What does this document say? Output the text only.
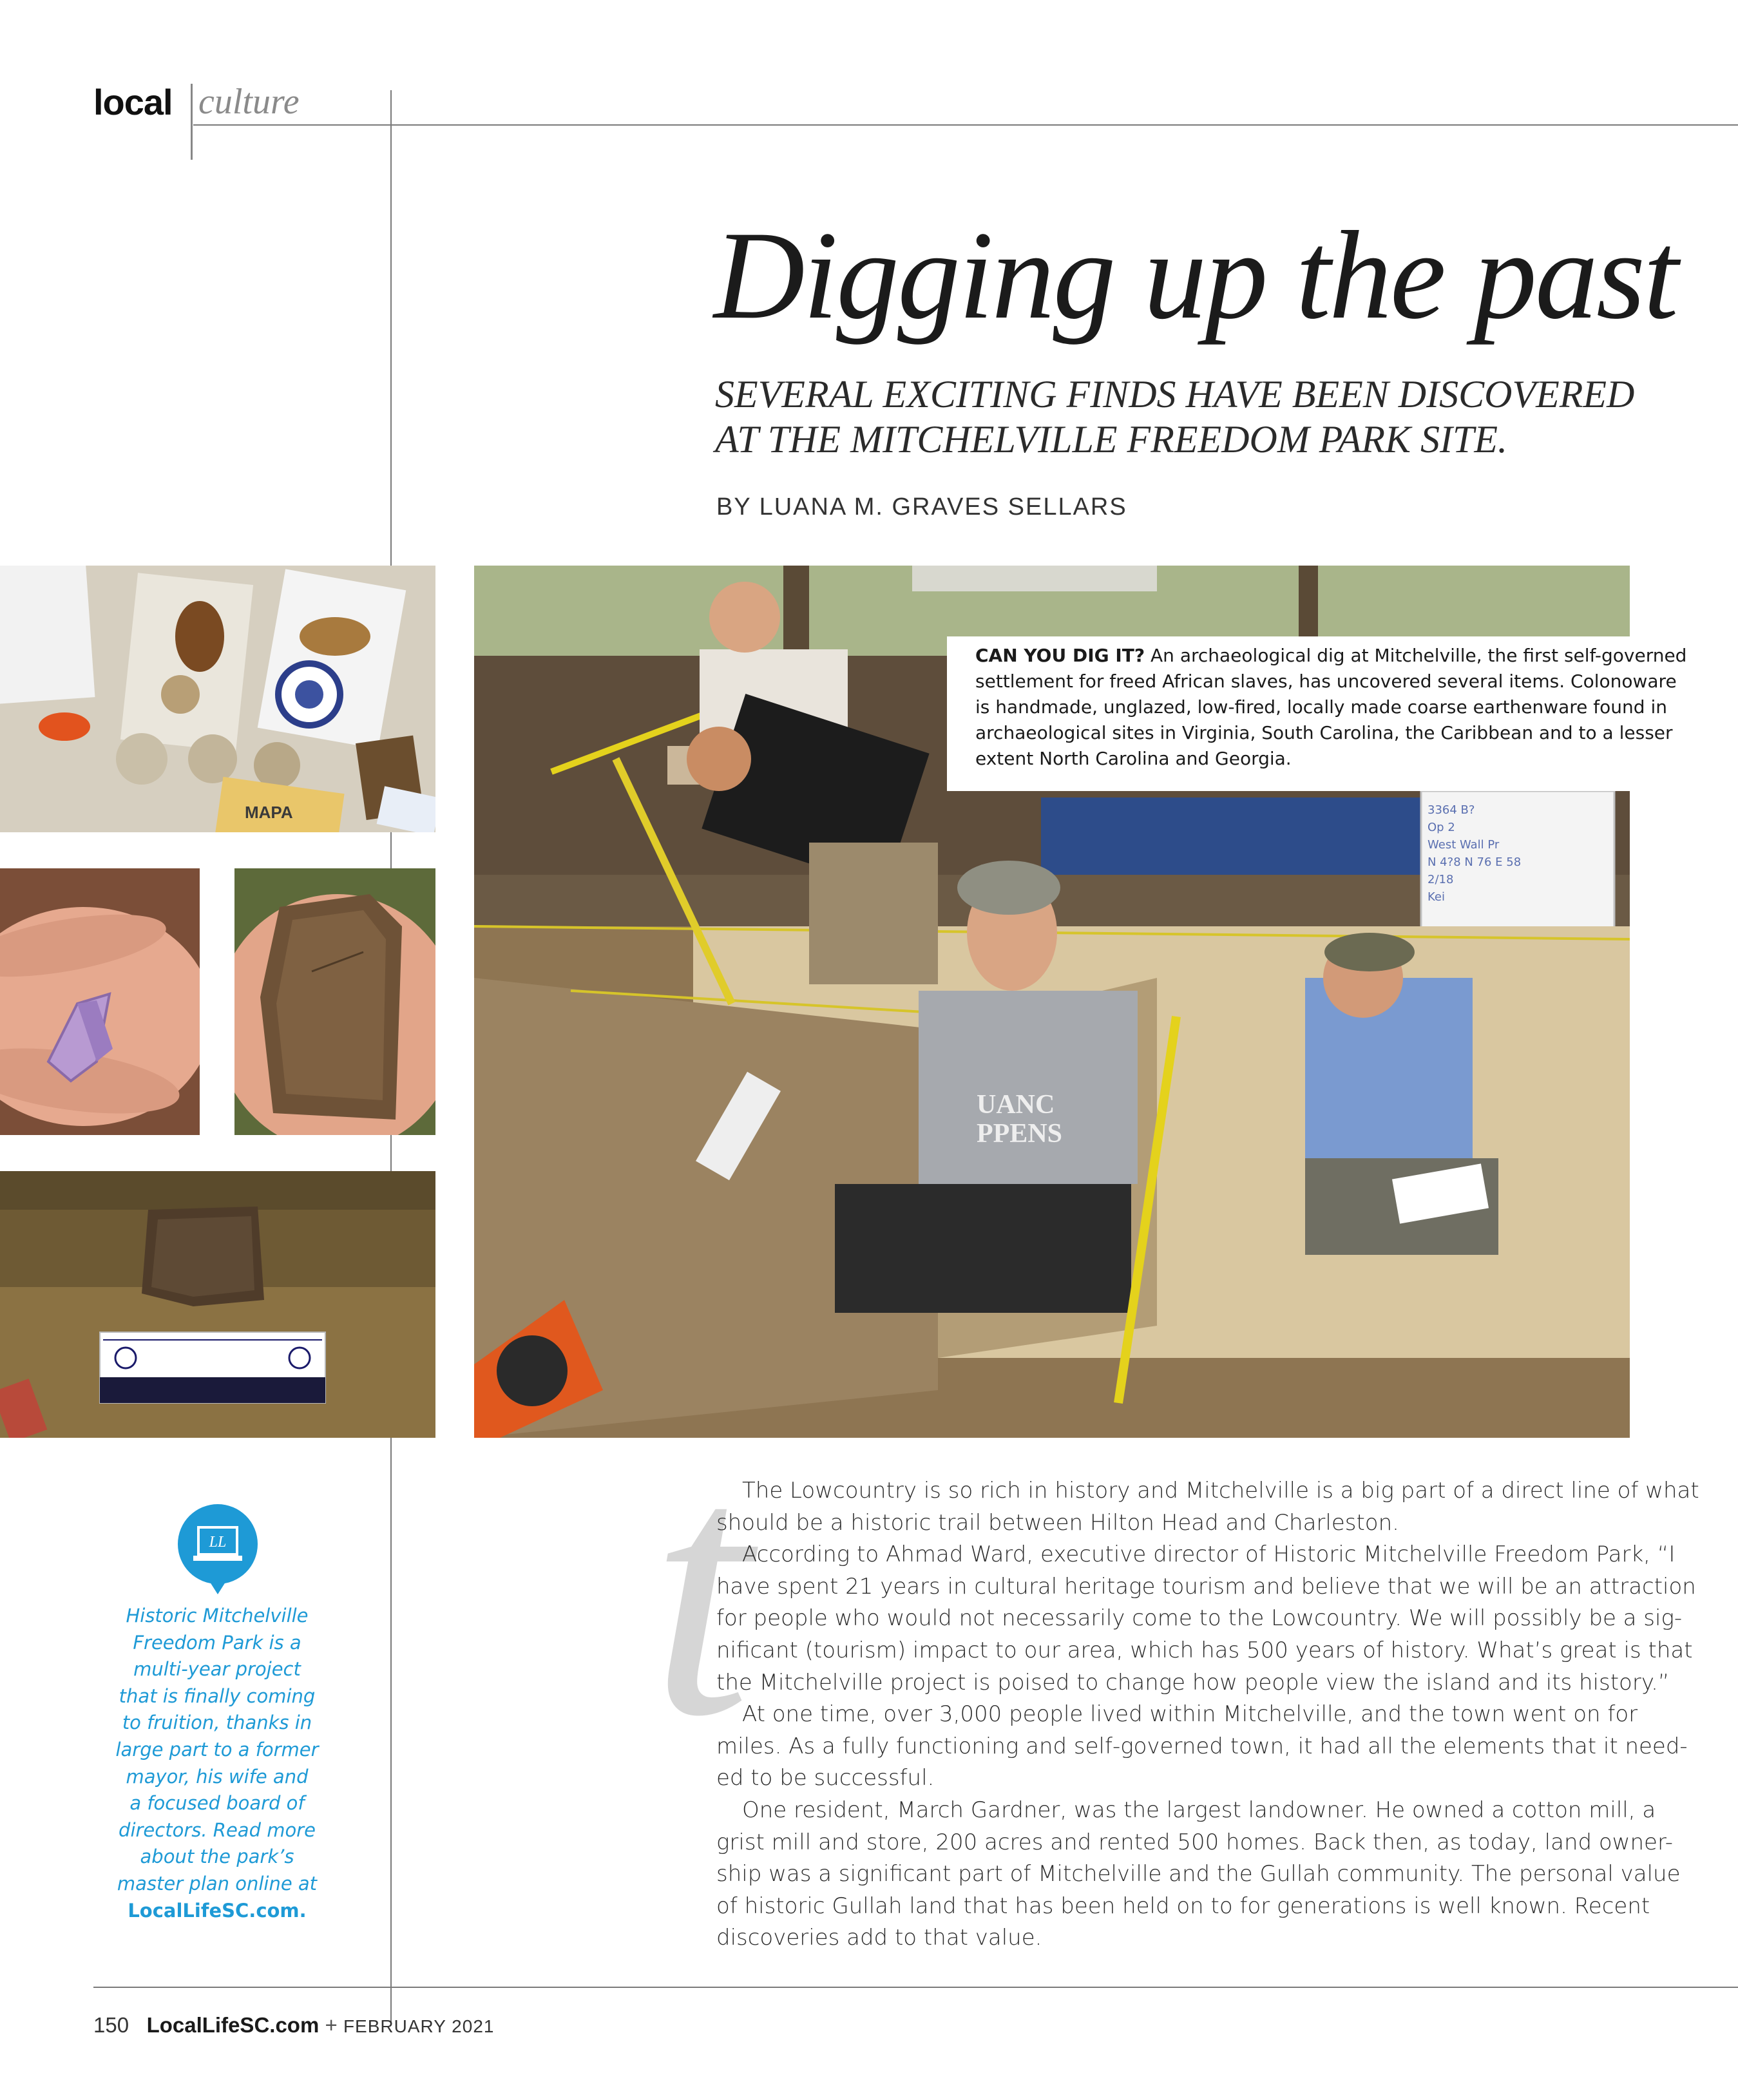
local culture
Digging up the past
SEVERAL EXCITING FINDS HAVE BEEN DISCOVERED
AT THE MITCHELVILLE FREEDOM PARK SITE.
BY LUANA M. GRAVES SELLARS
MAPA	3364 B?
Op 2
West Wall Pr
N 4?8 N 76 E 58
2/18
Kei
UANC
PPENS
CAN YOU DIG IT? An archaeological dig at Mitchelville, the first self-governed
settlement for freed African slaves, has uncovered several items. Colonoware
is handmade, unglazed, low-fired, locally made coarse earthenware found in
archaeological sites in Virginia, South Carolina, the Caribbean and to a lesser
extent North Carolina and Georgia.
t
The Lowcountry is so rich in history and Mitchelville is a big part of a direct line of what
should be a historic trail between Hilton Head and Charleston.
According to Ahmad Ward, executive director of Historic Mitchelville Freedom Park, “I
have spent 21 years in cultural heritage tourism and believe that we will be an attraction
for people who would not necessarily come to the Lowcountry. We will possibly be a sig-
nificant (tourism) impact to our area, which has 500 years of history. What’s great is that
the Mitchelville project is poised to change how people view the island and its history.”
At one time, over 3,000 people lived within Mitchelville, and the town went on for
miles. As a fully functioning and self-governed town, it had all the elements that it need-
ed to be successful.
One resident, March Gardner, was the largest landowner. He owned a cotton mill, a
grist mill and store, 200 acres and rented 500 homes. Back then, as today, land owner-
ship was a significant part of Mitchelville and the Gullah community. The personal value
of historic Gullah land that has been held on to for generations is well known. Recent
discoveries add to that value.
LL
Historic Mitchelville
Freedom Park is a
multi-year project
that is finally coming
to fruition, thanks in
large part to a former
mayor, his wife and
a focused board of
directors. Read more
about the park’s
master plan online at
LocalLifeSC.com.
150 LocalLifeSC.com + FEBRUARY 2021
